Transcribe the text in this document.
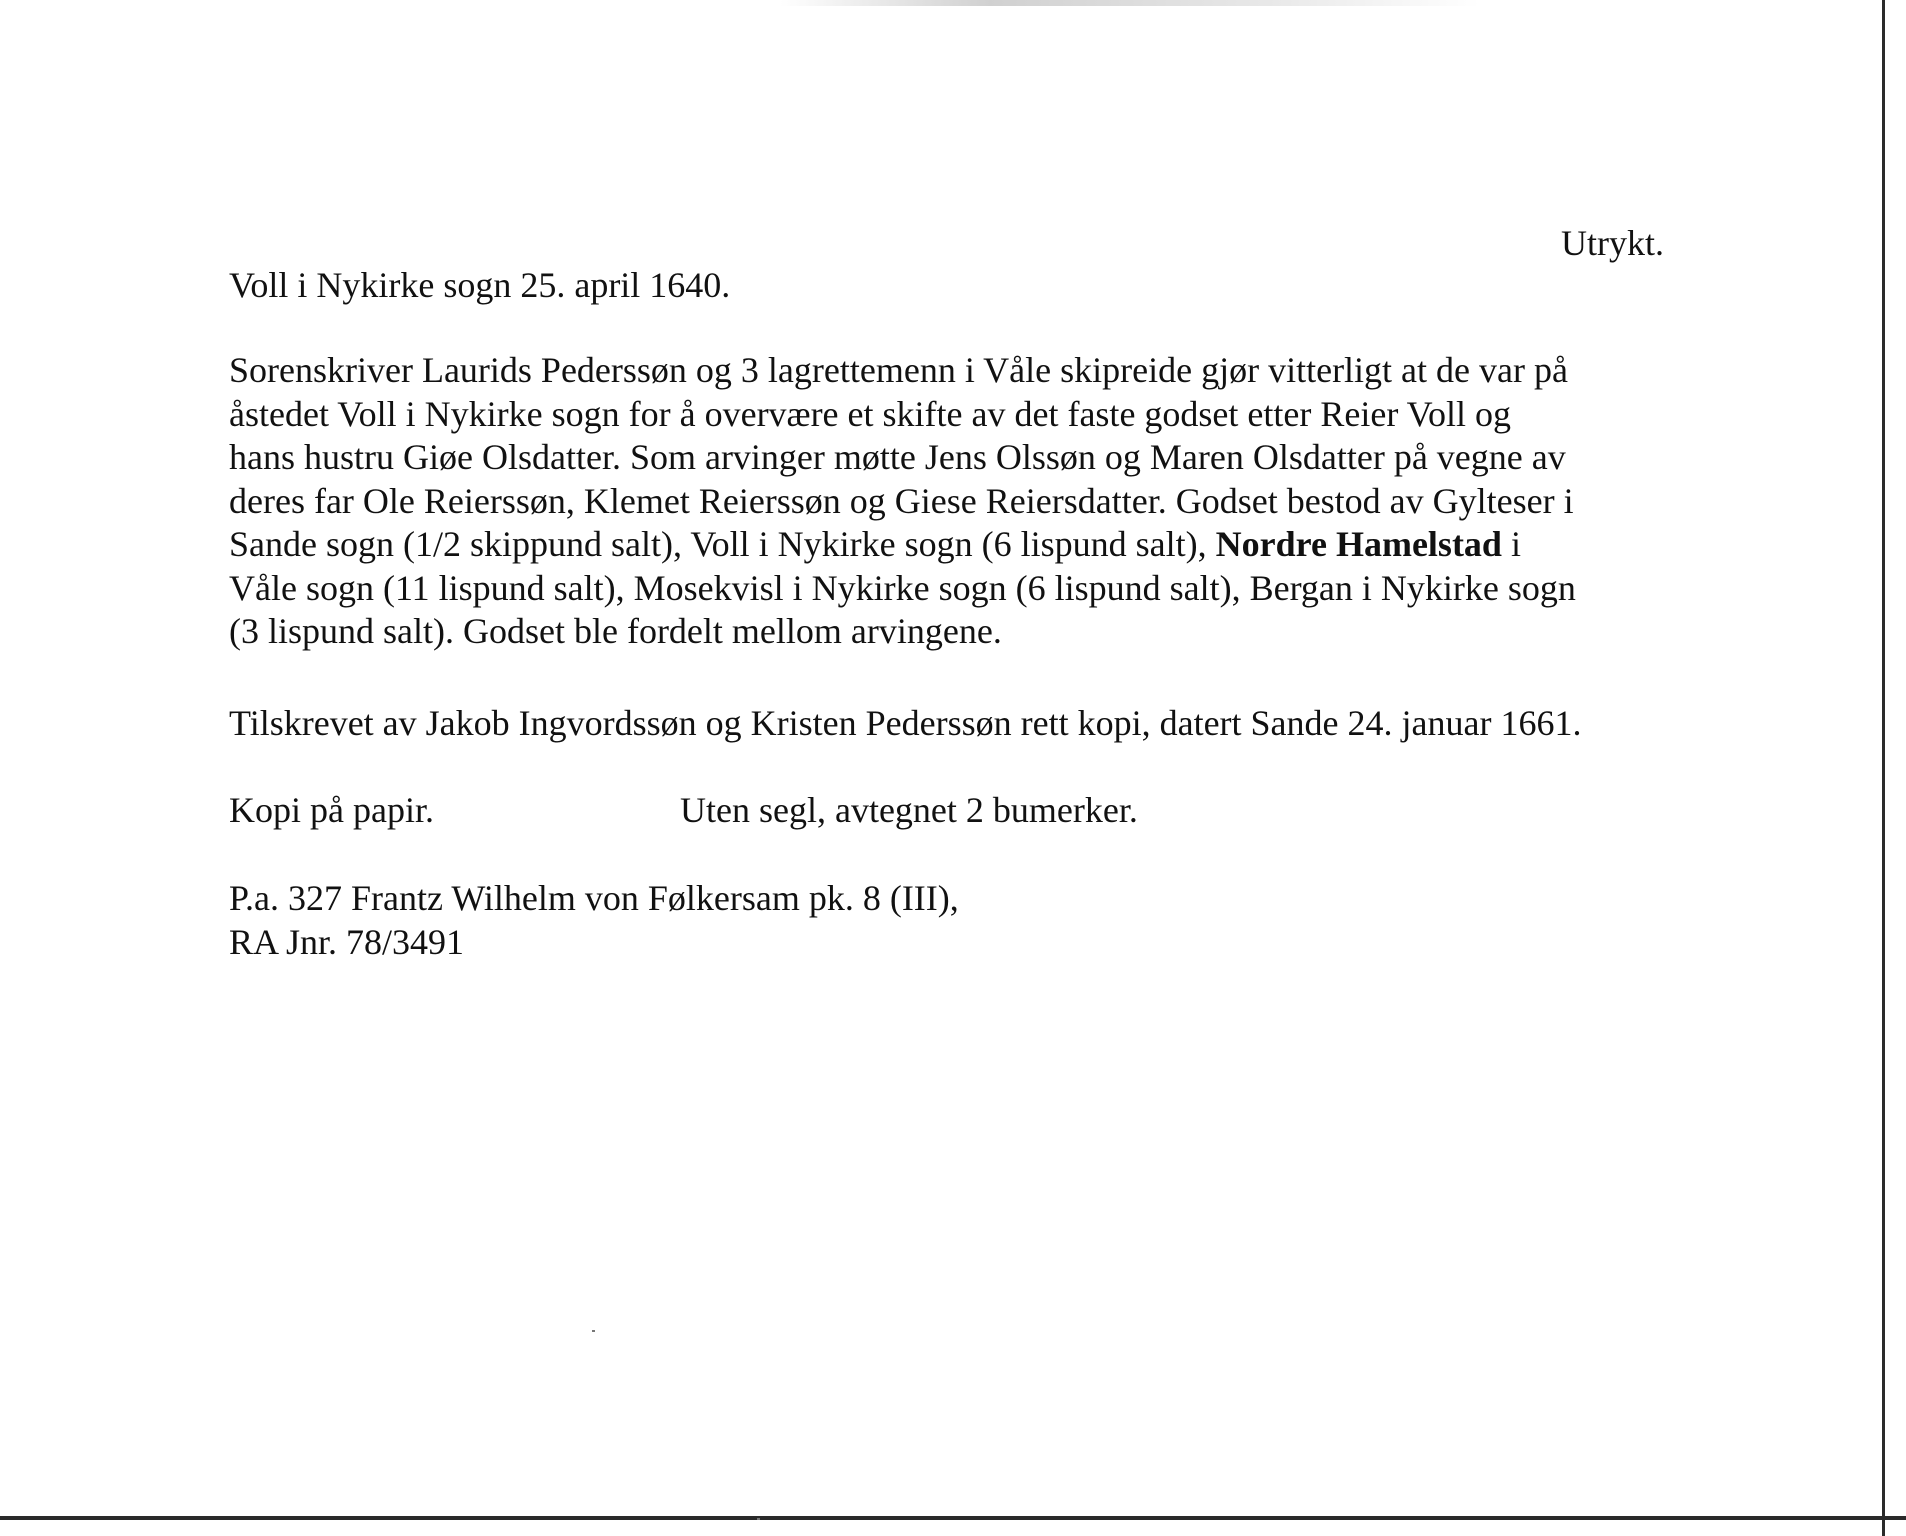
Utrykt.
Voll i Nykirke sogn 25. april 1640.
Sorenskriver Laurids Pederssøn og 3 lagrettemenn i Våle skipreide gjør vitterligt at de var på
åstedet Voll i Nykirke sogn for å overvære et skifte av det faste godset etter Reier Voll og
hans hustru Giøe Olsdatter. Som arvinger møtte Jens Olssøn og Maren Olsdatter på vegne av
deres far Ole Reierssøn, Klemet Reierssøn og Giese Reiersdatter. Godset bestod av Gylteser i
Sande sogn (1/2 skippund salt), Voll i Nykirke sogn (6 lispund salt), Nordre Hamelstad i
Våle sogn (11 lispund salt), Mosekvisl i Nykirke sogn (6 lispund salt), Bergan i Nykirke sogn
(3 lispund salt). Godset ble fordelt mellom arvingene.
Tilskrevet av Jakob Ingvordssøn og Kristen Pederssøn rett kopi, datert Sande 24. januar 1661.
Kopi på papir.	Uten segl, avtegnet 2 bumerker.
P.a. 327 Frantz Wilhelm von Følkersam pk. 8 (III),
RA Jnr. 78/3491
